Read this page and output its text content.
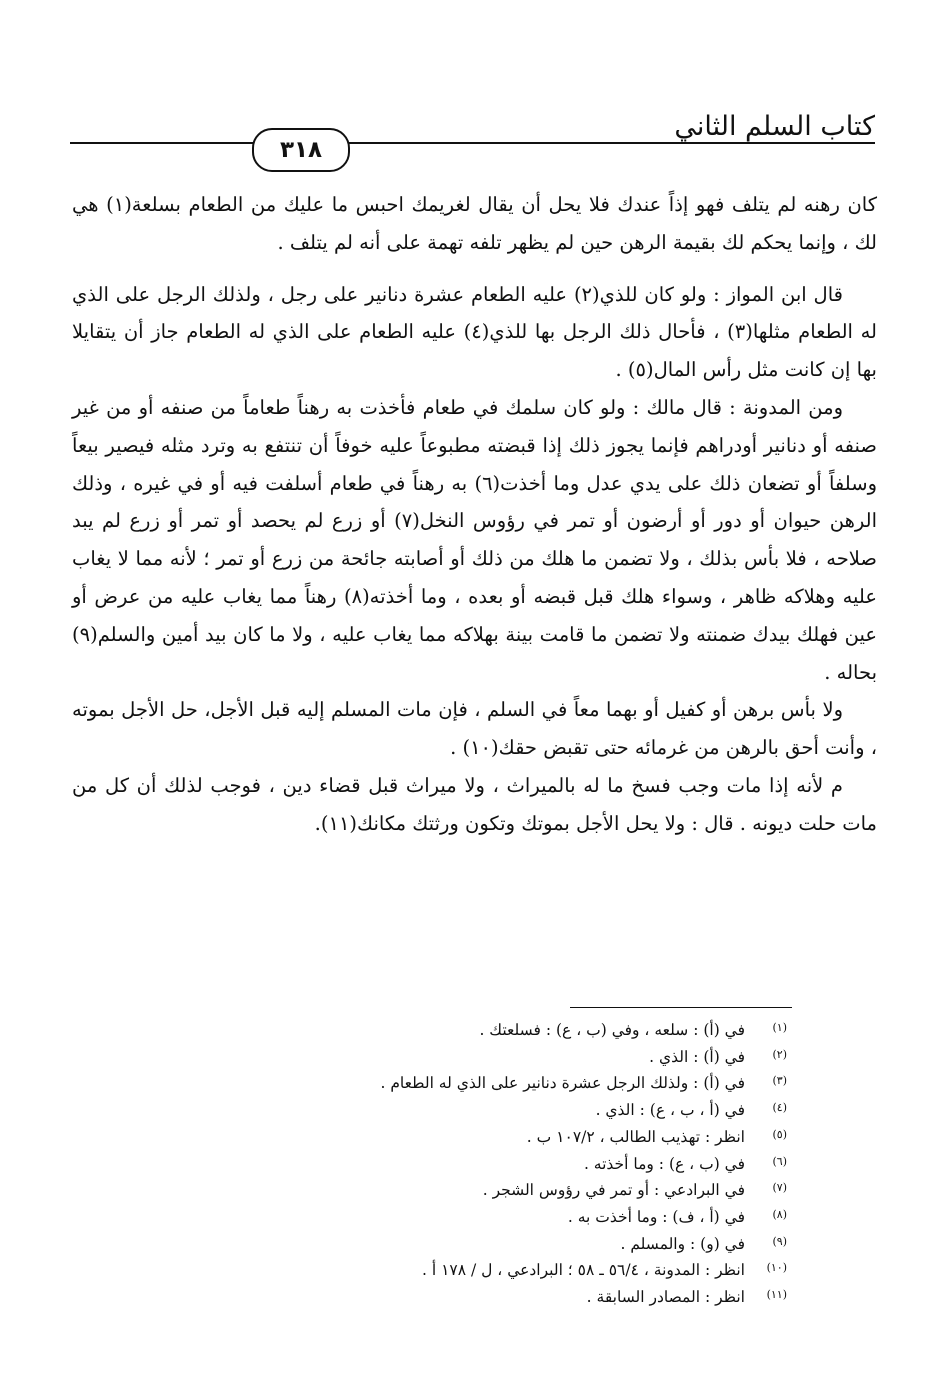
كتاب السلم الثاني
٣١٨

كان رهنه لم يتلف فهو إذاً عندك فلا يحل أن يقال لغريمك احبس ما عليك من الطعام بسلعة(١) هي لك ، وإنما يحكم لك بقيمة الرهن حين لم يظهر تلفه تهمة على أنه لم يتلف .

قال ابن المواز : ولو كان للذي(٢) عليه الطعام عشرة دنانير على رجل ، ولذلك الرجل على الذي له الطعام مثلها(٣) ، فأحال ذلك الرجل بها للذي(٤) عليه الطعام على الذي له الطعام جاز أن يتقايلا بها إن كانت مثل رأس المال(٥) .

ومن المدونة : قال مالك : ولو كان سلمك في طعام فأخذت به رهناً طعاماً من صنفه أو من غير صنفه أو دنانير أودراهم فإنما يجوز ذلك إذا قبضته مطبوعاً عليه خوفاً أن تنتفع به وترد مثله فيصير بيعاً وسلفاً أو تضعان ذلك على يدي عدل وما أخذت(٦) به رهناً في طعام أسلفت فيه أو في غيره ، وذلك الرهن حيوان أو دور أو أرضون أو تمر في رؤوس النخل(٧) أو زرع لم يحصد أو تمر أو زرع لم يبد صلاحه ، فلا بأس بذلك ، ولا تضمن ما هلك من ذلك أو أصابته جائحة من زرع أو تمر ؛ لأنه مما لا يغاب عليه وهلاكه ظاهر ، وسواء هلك قبل قبضه أو بعده ، وما أخذته(٨) رهناً مما يغاب عليه من عرض أو عين فهلك بيدك ضمنته ولا تضمن ما قامت بينة بهلاكه مما يغاب عليه ، ولا ما كان بيد أمين والسلم(٩) بحاله .

ولا بأس برهن أو كفيل أو بهما معاً في السلم ، فإن مات المسلم إليه قبل الأجل، حل الأجل بموته ، وأنت أحق بالرهن من غرمائه حتى تقبض حقك(١٠) .

م لأنه إذا مات وجب فسخ ما له بالميراث ، ولا ميراث قبل قضاء دين ، فوجب لذلك أن كل من مات حلت ديونه . قال : ولا يحل الأجل بموتك وتكون ورثتك مكانك(١١).

(١)في (أ) : سلعه ، وفي (ب ، ع) : فسلعتك .
(٢)في (أ) : الذي .
(٣)في (أ) : ولذلك الرجل عشرة دنانير على الذي له الطعام .
(٤)في (أ ، ب ، ع) : الذي .
(٥)انظر : تهذيب الطالب ، ١٠٧/٢ ب .
(٦)في (ب ، ع) : وما أخذته .
(٧)في البرادعي : أو تمر في رؤوس الشجر .
(٨)في (أ ، ف) : وما أخذت به .
(٩)في (و) : والمسلم .
(١٠)انظر : المدونة ، ٥٦/٤ ـ ٥٨ ؛ البرادعي ، ل / ١٧٨ أ .
(١١)انظر : المصادر السابقة .
